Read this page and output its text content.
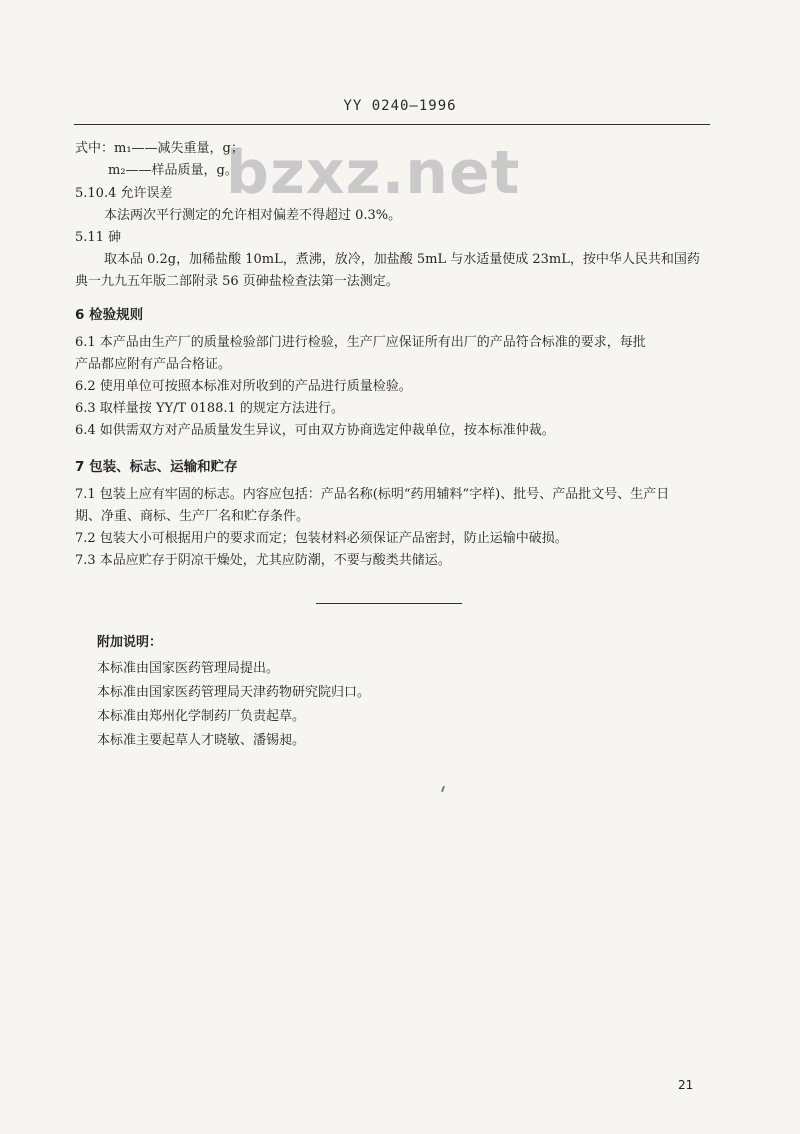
YY 0240—1996
bzxz.net
式中：m₁——减失重量，g；
m₂——样品质量，g。
5.10.4 允许误差
本法两次平行测定的允许相对偏差不得超过 0.3%。
5.11 砷
取本品 0.2g，加稀盐酸 10mL，煮沸，放冷，加盐酸 5mL 与水适量使成 23mL，按中华人民共和国药
典一九九五年版二部附录 56 页砷盐检查法第一法测定。
6 检验规则
6.1 本产品由生产厂的质量检验部门进行检验，生产厂应保证所有出厂的产品符合标准的要求，每批
产品都应附有产品合格证。
6.2 使用单位可按照本标准对所收到的产品进行质量检验。
6.3 取样量按 YY/T 0188.1 的规定方法进行。
6.4 如供需双方对产品质量发生异议，可由双方协商选定仲裁单位，按本标准仲裁。
7 包装、标志、运输和贮存
7.1 包装上应有牢固的标志。内容应包括：产品名称(标明“药用辅料”字样)、批号、产品批文号、生产日
期、净重、商标、生产厂名和贮存条件。
7.2 包装大小可根据用户的要求而定；包装材料必须保证产品密封，防止运输中破损。
7.3 本品应贮存于阴凉干燥处，尤其应防潮，不要与酸类共储运。
附加说明：
本标准由国家医药管理局提出。
本标准由国家医药管理局天津药物研究院归口。
本标准由郑州化学制药厂负责起草。
本标准主要起草人才晓敏、潘锡昶。
21
